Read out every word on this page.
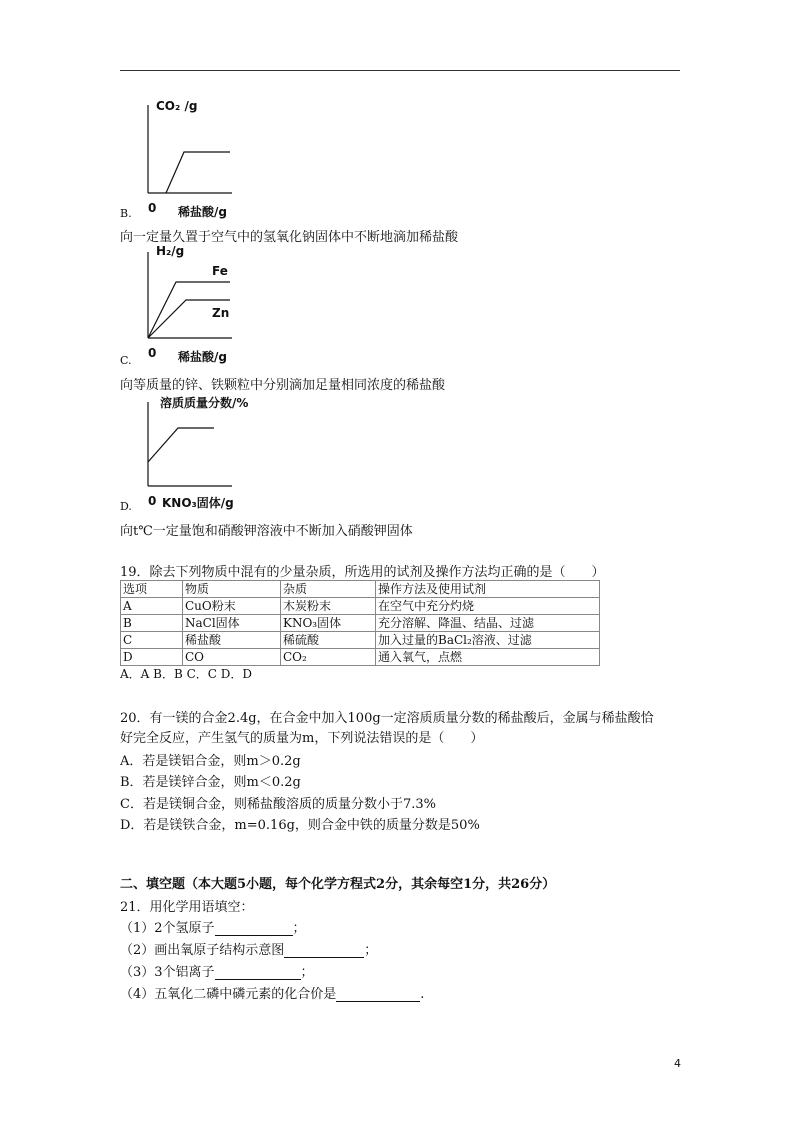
CO₂ /g
0 稀盐酸/g
B.
向一定量久置于空气中的氢氧化钠固体中不断地滴加稀盐酸
H₂/g
Fe
Zn
0 稀盐酸/g
C.
向等质量的锌、铁颗粒中分别滴加足量相同浓度的稀盐酸
溶质质量分数/%
0 KNO₃固体/g
D.
向t℃一定量饱和硝酸钾溶液中不断加入硝酸钾固体
19．除去下列物质中混有的少量杂质，所选用的试剂及操作方法均正确的是（　　）
选项	物质	杂质	操作方法及使用试剂
A	CuO粉末	木炭粉末	在空气中充分灼烧
B	NaCl固体	KNO₃固体	充分溶解、降温、结晶、过滤
C	稀盐酸	稀硫酸	加入过量的BaCl₂溶液、过滤
D	CO	CO₂	通入氧气，点燃
A．A B．B C．C D．D
20．有一镁的合金2.4g，在合金中加入100g一定溶质质量分数的稀盐酸后，金属与稀盐酸恰
好完全反应，产生氢气的质量为m，下列说法错误的是（　　）
A．若是镁铝合金，则m＞0.2g
B．若是镁锌合金，则m＜0.2g
C．若是镁铜合金，则稀盐酸溶质的质量分数小于7.3%
D．若是镁铁合金，m=0.16g，则合金中铁的质量分数是50%
二、填空题（本大题5小题，每个化学方程式2分，其余每空1分，共26分）
21．用化学用语填空：
（1）2个氢原子	；
（2）画出氧原子结构示意图	；
（3）3个铝离子	；
（4）五氧化二磷中磷元素的化合价是	.
4
